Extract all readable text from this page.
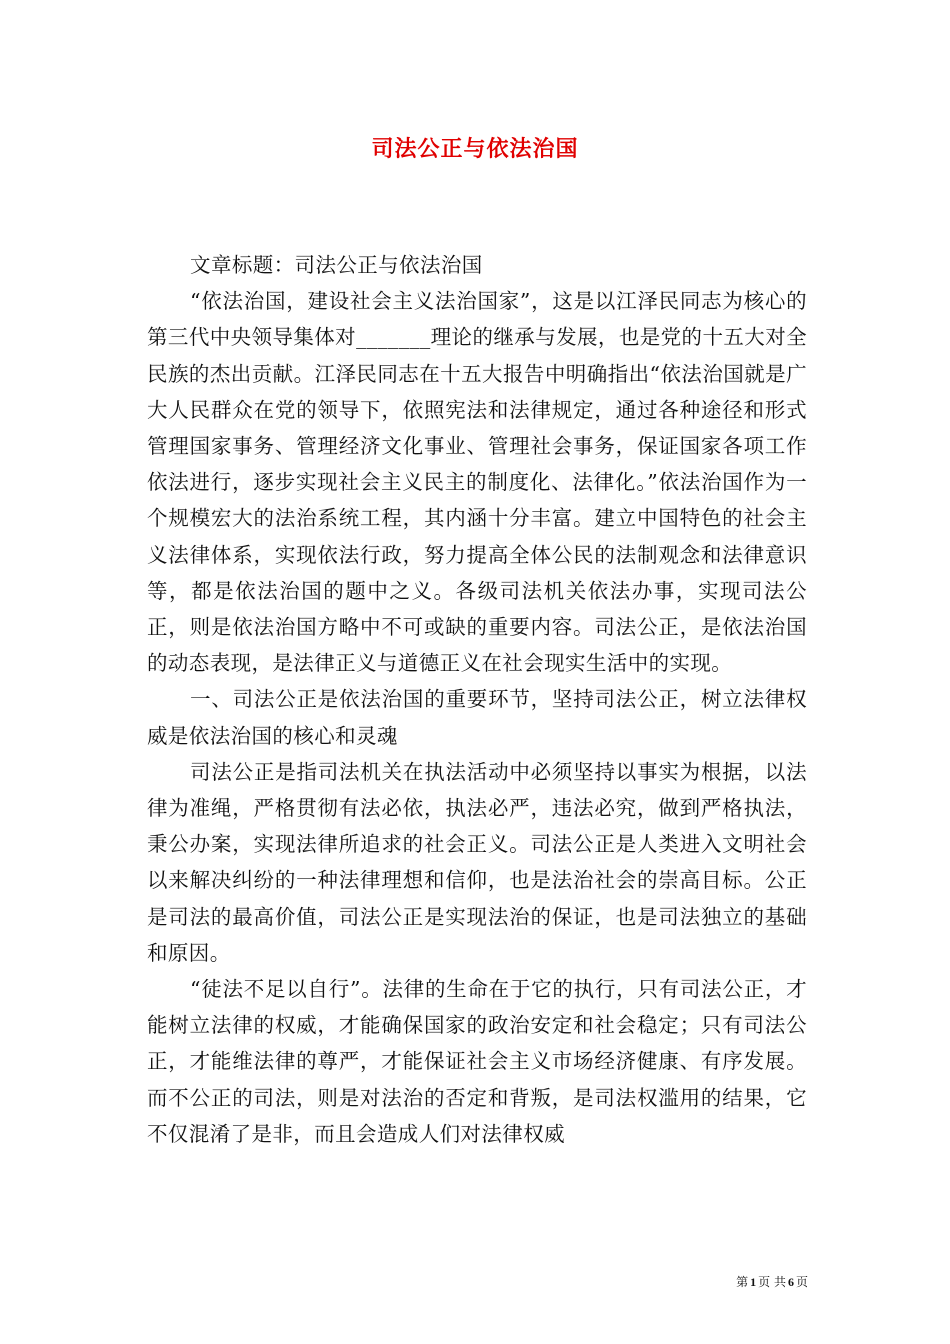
司法公正与依法治国

文章标题：司法公正与依法治国

“依法治国，建设社会主义法治国家”，这是以江泽民同志为核心的第三代中央领导集体对_______理论的继承与发展，也是党的十五大对全民族的杰出贡献。江泽民同志在十五大报告中明确指出“依法治国就是广大人民群众在党的领导下，依照宪法和法律规定，通过各种途径和形式管理国家事务、管理经济文化事业、管理社会事务，保证国家各项工作依法进行，逐步实现社会主义民主的制度化、法律化。”依法治国作为一个规模宏大的法治系统工程，其内涵十分丰富。建立中国特色的社会主义法律体系，实现依法行政，努力提高全体公民的法制观念和法律意识等，都是依法治国的题中之义。各级司法机关依法办事，实现司法公正，则是依法治国方略中不可或缺的重要内容。司法公正，是依法治国的动态表现，是法律正义与道德正义在社会现实生活中的实现。

一、司法公正是依法治国的重要环节，坚持司法公正，树立法律权威是依法治国的核心和灵魂

司法公正是指司法机关在执法活动中必须坚持以事实为根据，以法律为准绳，严格贯彻有法必依，执法必严，违法必究，做到严格执法，秉公办案，实现法律所追求的社会正义。司法公正是人类进入文明社会以来解决纠纷的一种法律理想和信仰，也是法治社会的崇高目标。公正是司法的最高价值，司法公正是实现法治的保证，也是司法独立的基础和原因。

“徒法不足以自行”。法律的生命在于它的执行，只有司法公正，才能树立法律的权威，才能确保国家的政治安定和社会稳定；只有司法公正，才能维法律的尊严，才能保证社会主义市场经济健康、有序发展。而不公正的司法，则是对法治的否定和背叛，是司法权滥用的结果，它不仅混淆了是非，而且会造成人们对法律权威

第 1 页 共 6 页
